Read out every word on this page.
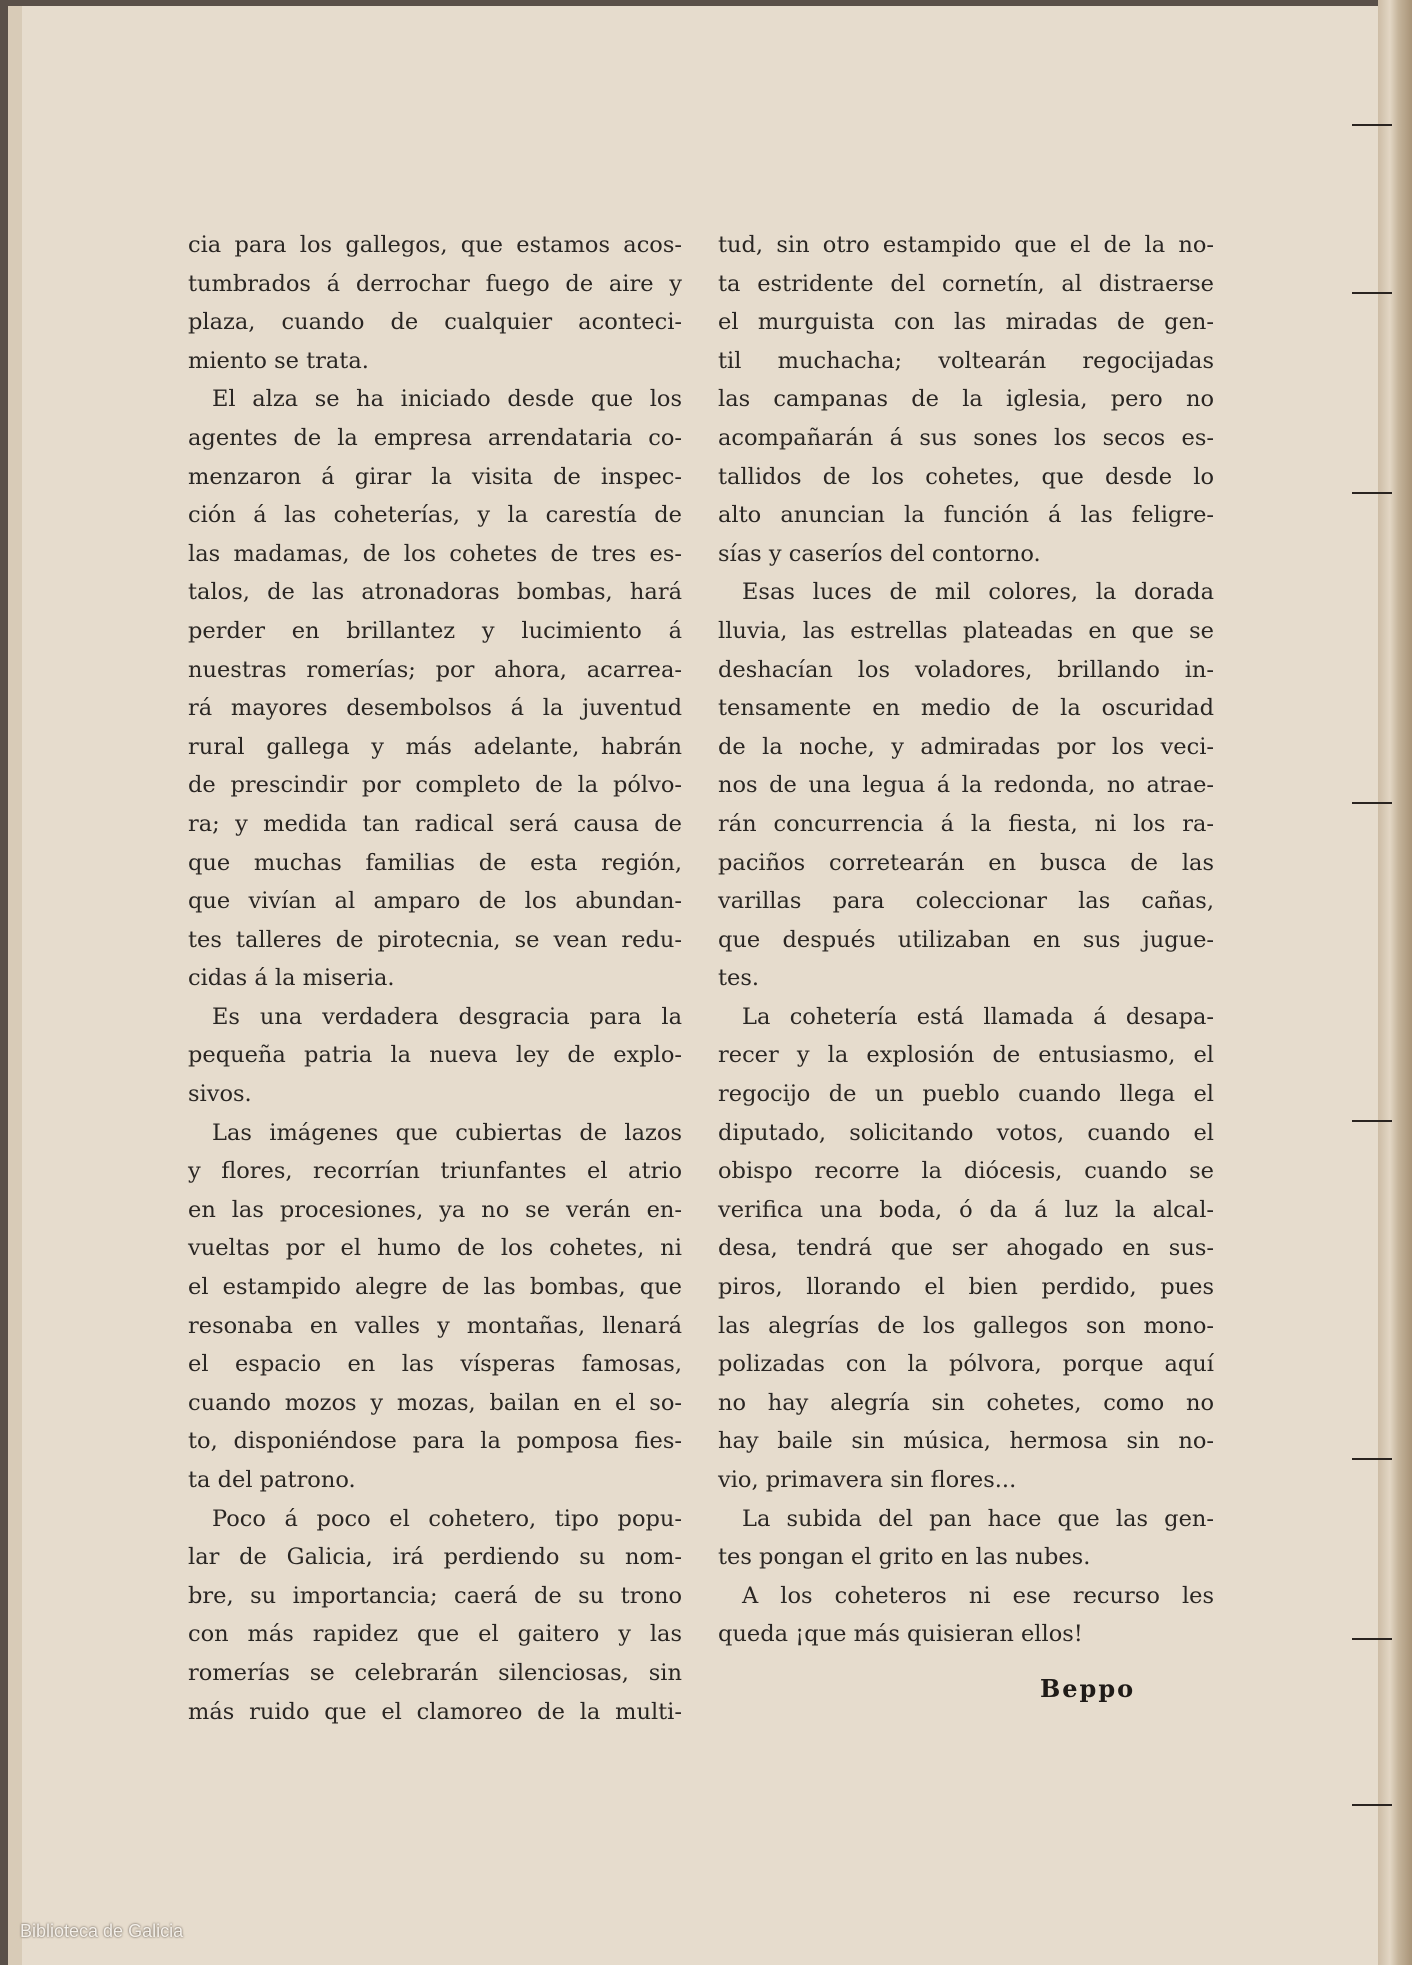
cia para los gallegos, que estamos acos-
tumbrados á derrochar fuego de aire y
plaza, cuando de cualquier aconteci-
miento se trata.
El alza se ha iniciado desde que los
agentes de la empresa arrendataria co-
menzaron á girar la visita de inspec-
ción á las coheterías, y la carestía de
las madamas, de los cohetes de tres es-
talos, de las atronadoras bombas, hará
perder en brillantez y lucimiento á
nuestras romerías; por ahora, acarrea-
rá mayores desembolsos á la juventud
rural gallega y más adelante, habrán
de prescindir por completo de la pólvo-
ra; y medida tan radical será causa de
que muchas familias de esta región,
que vivían al amparo de los abundan-
tes talleres de pirotecnia, se vean redu-
cidas á la miseria.
Es una verdadera desgracia para la
pequeña patria la nueva ley de explo-
sivos.
Las imágenes que cubiertas de lazos
y flores, recorrían triunfantes el atrio
en las procesiones, ya no se verán en-
vueltas por el humo de los cohetes, ni
el estampido alegre de las bombas, que
resonaba en valles y montañas, llenará
el espacio en las vísperas famosas,
cuando mozos y mozas, bailan en el so-
to, disponiéndose para la pomposa fies-
ta del patrono.
Poco á poco el cohetero, tipo popu-
lar de Galicia, irá perdiendo su nom-
bre, su importancia; caerá de su trono
con más rapidez que el gaitero y las
romerías se celebrarán silenciosas, sin
más ruido que el clamoreo de la multi-
tud, sin otro estampido que el de la no-
ta estridente del cornetín, al distraerse
el murguista con las miradas de gen-
til muchacha; voltearán regocijadas
las campanas de la iglesia, pero no
acompañarán á sus sones los secos es-
tallidos de los cohetes, que desde lo
alto anuncian la función á las feligre-
sías y caseríos del contorno.
Esas luces de mil colores, la dorada
lluvia, las estrellas plateadas en que se
deshacían los voladores, brillando in-
tensamente en medio de la oscuridad
de la noche, y admiradas por los veci-
nos de una legua á la redonda, no atrae-
rán concurrencia á la fiesta, ni los ra-
paciños corretearán en busca de las
varillas para coleccionar las cañas,
que después utilizaban en sus jugue-
tes.
La cohetería está llamada á desapa-
recer y la explosión de entusiasmo, el
regocijo de un pueblo cuando llega el
diputado, solicitando votos, cuando el
obispo recorre la diócesis, cuando se
verifica una boda, ó da á luz la alcal-
desa, tendrá que ser ahogado en sus-
piros, llorando el bien perdido, pues
las alegrías de los gallegos son mono-
polizadas con la pólvora, porque aquí
no hay alegría sin cohetes, como no
hay baile sin música, hermosa sin no-
vio, primavera sin flores...
La subida del pan hace que las gen-
tes pongan el grito en las nubes.
A los coheteros ni ese recurso les
queda ¡que más quisieran ellos!
Beppo
Biblioteca de Galicia
